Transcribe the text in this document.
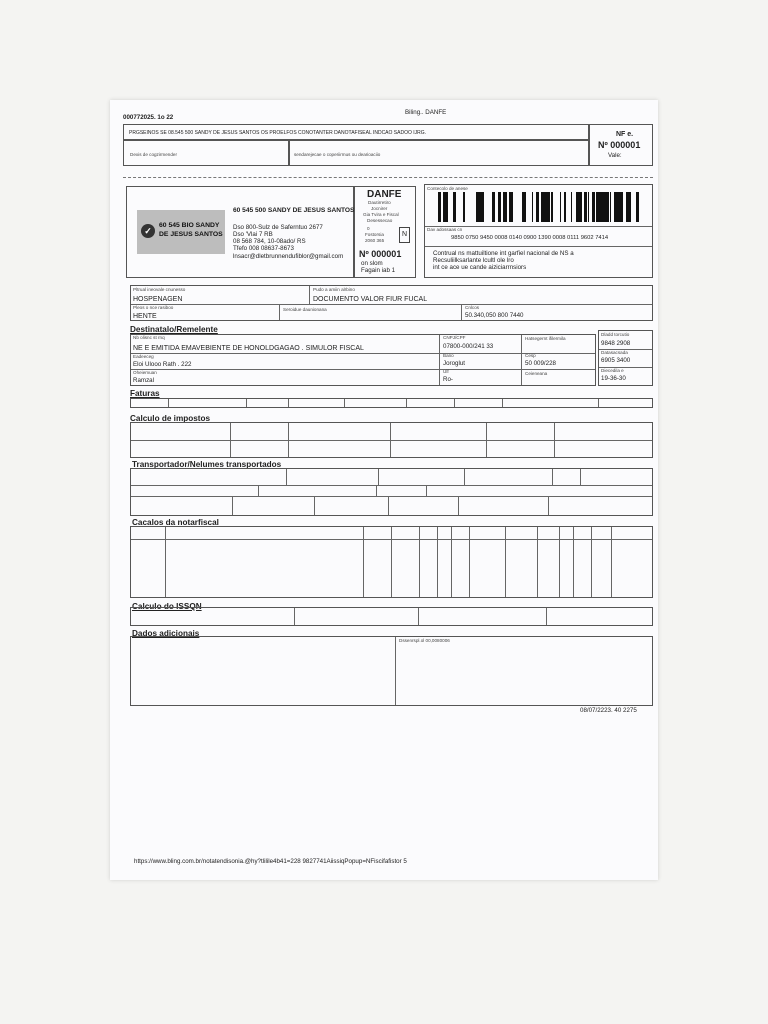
000772025. 1o 22
Biling.. DANFE
PRGSEINOS SE 08.545 500 SANDY DE JESUS SANTOS OS PROELFOS CONOTANTER DANOTAFISEAL INDCAO SADOO IJRG.
Dexis de cogzirmender	sendarejecae o coperiirmus ou dearioaciio
NF e.
Nº 000001
Vale:
✓
60 545 BIO SANDY
DE JESUS SANTOS
60 545 500 SANDY DE JESUS SANTOS
Dso 800-Sulz de Saferntuo 2677
Dso 'Vlai 7 RB
08 568 784, 10-08ado/ RS
Tfefo 008 08637-8673
lnsacr@dletbrunnendufiblor@gmail.com
DANFE
Dautirretiro
Jocnirer
Gia Tvira e Fiscal
Desessecao
0
Fostorsia
2060 365
N
Nº 000001
on slom
Fagain iab 1
Contecolo de anese
Dav adossaas cn
9850 0750 9450 0008 0140 0900 1390 0008 0111 9602 7414
Contrual ns mattuiltione int garfiel nacional de NS a
Recsuliilksarlante lcultl ole lro
int ce ace ue cande aiziciarrnsiors
Pltrual ineovale cnunesso
HOSPENAGEN
Pudo a amiin alrbino
DOCUMENTO VALOR FIUR FUCAL
Pleos o nce rasiboo
HENTE
Seroidue daunionana	Cnlcos
50.340,050 800 7440
Destinatalo/Remelente
Nb olisnc st rnq
NE E EMITIDA EMAVEBIENTE DE HONOLDGAGAO . SIMULOR FISCAL
CNPJ/CPF
07800-000/241 33
Hatsegernt ifilermila
Eadeeceg
Eloi Ulooo Rath . 222
Bano
Joroglut
Cesp
50 009/228
Oheiemuan
Ramzal
Ulf
Ro-
Ceieneana
Dladd torcutio
9848 2908
Datasacsada
6905 3400
Diecedila e
19-36-30
Faturas
Calculo de impostos
Transportador/Nelumes transportados
Cacalos da notarfiscal
Calculo do ISSQN
Dados adicionais
Dssenrspl.ol 00,0080006
08/07/2223. 40 2275
https://www.bling.com.br/notatendisonia.@hy?tlilile4b41=228 9827741AiissiqPopup=NFiscifafistor 5
